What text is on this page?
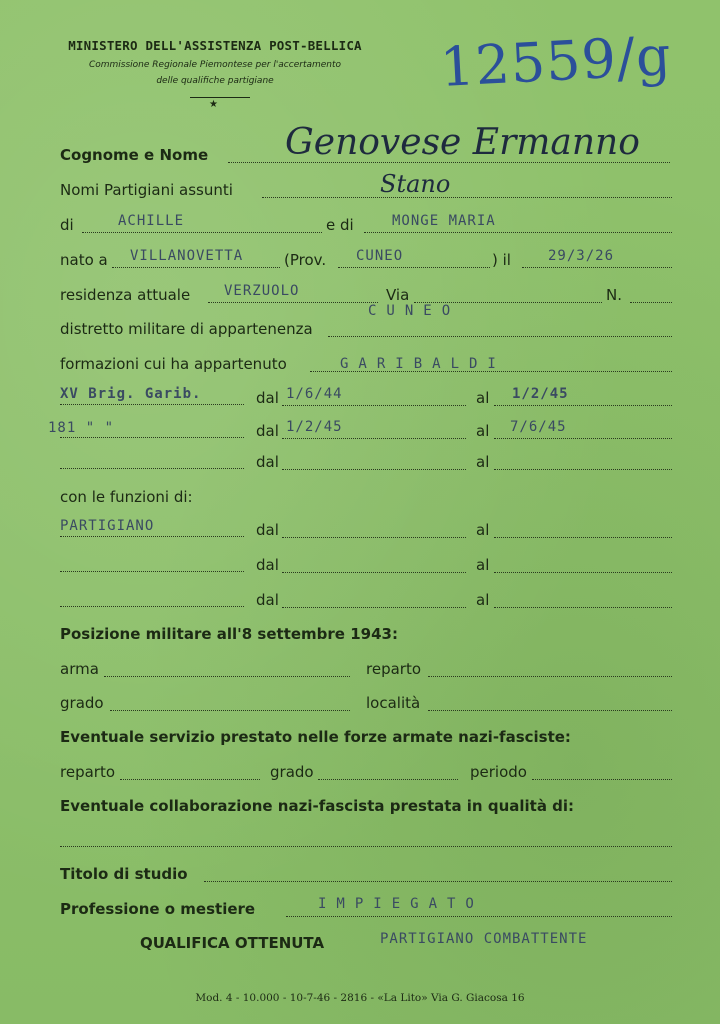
MINISTERO DELL'ASSISTENZA POST-BELLICA
Commissione Regionale Piemontese per l'accertamento
delle qualifiche partigiane
★
12559/g
Cognome e Nome Genovese Ermanno
Nomi Partigiani assunti	Stano
di	ACHILLE	e di	MONGE MARIA
nato a VILLANOVETTA	(Prov. CUNEO	) il	29/3/26
residenza attuale VERZUOLO	Via	N.
distretto militare di appartenenza
CUNEO
formazioni cui ha appartenuto	GARIBALDI
XV Brig. Garib.	dal 1/6/44	al 1/2/45
181 " "	dal 1/2/45	al 7/6/45
dal	al
con le funzioni di:
PARTIGIANO	dal	al
dal	al
dal	al
Posizione militare all'8 settembre 1943:
arma	reparto
grado	località
Eventuale servizio prestato nelle forze armate nazi-fasciste:
reparto	grado	periodo
Eventuale collaborazione nazi-fascista prestata in qualità di:
Titolo di studio
Professione o mestiere	IMPIEGATO
QUALIFICA OTTENUTA	PARTIGIANO COMBATTENTE
Mod. 4 - 10.000 - 10-7-46 - 2816 - «La Lito» Via G. Giacosa 16
